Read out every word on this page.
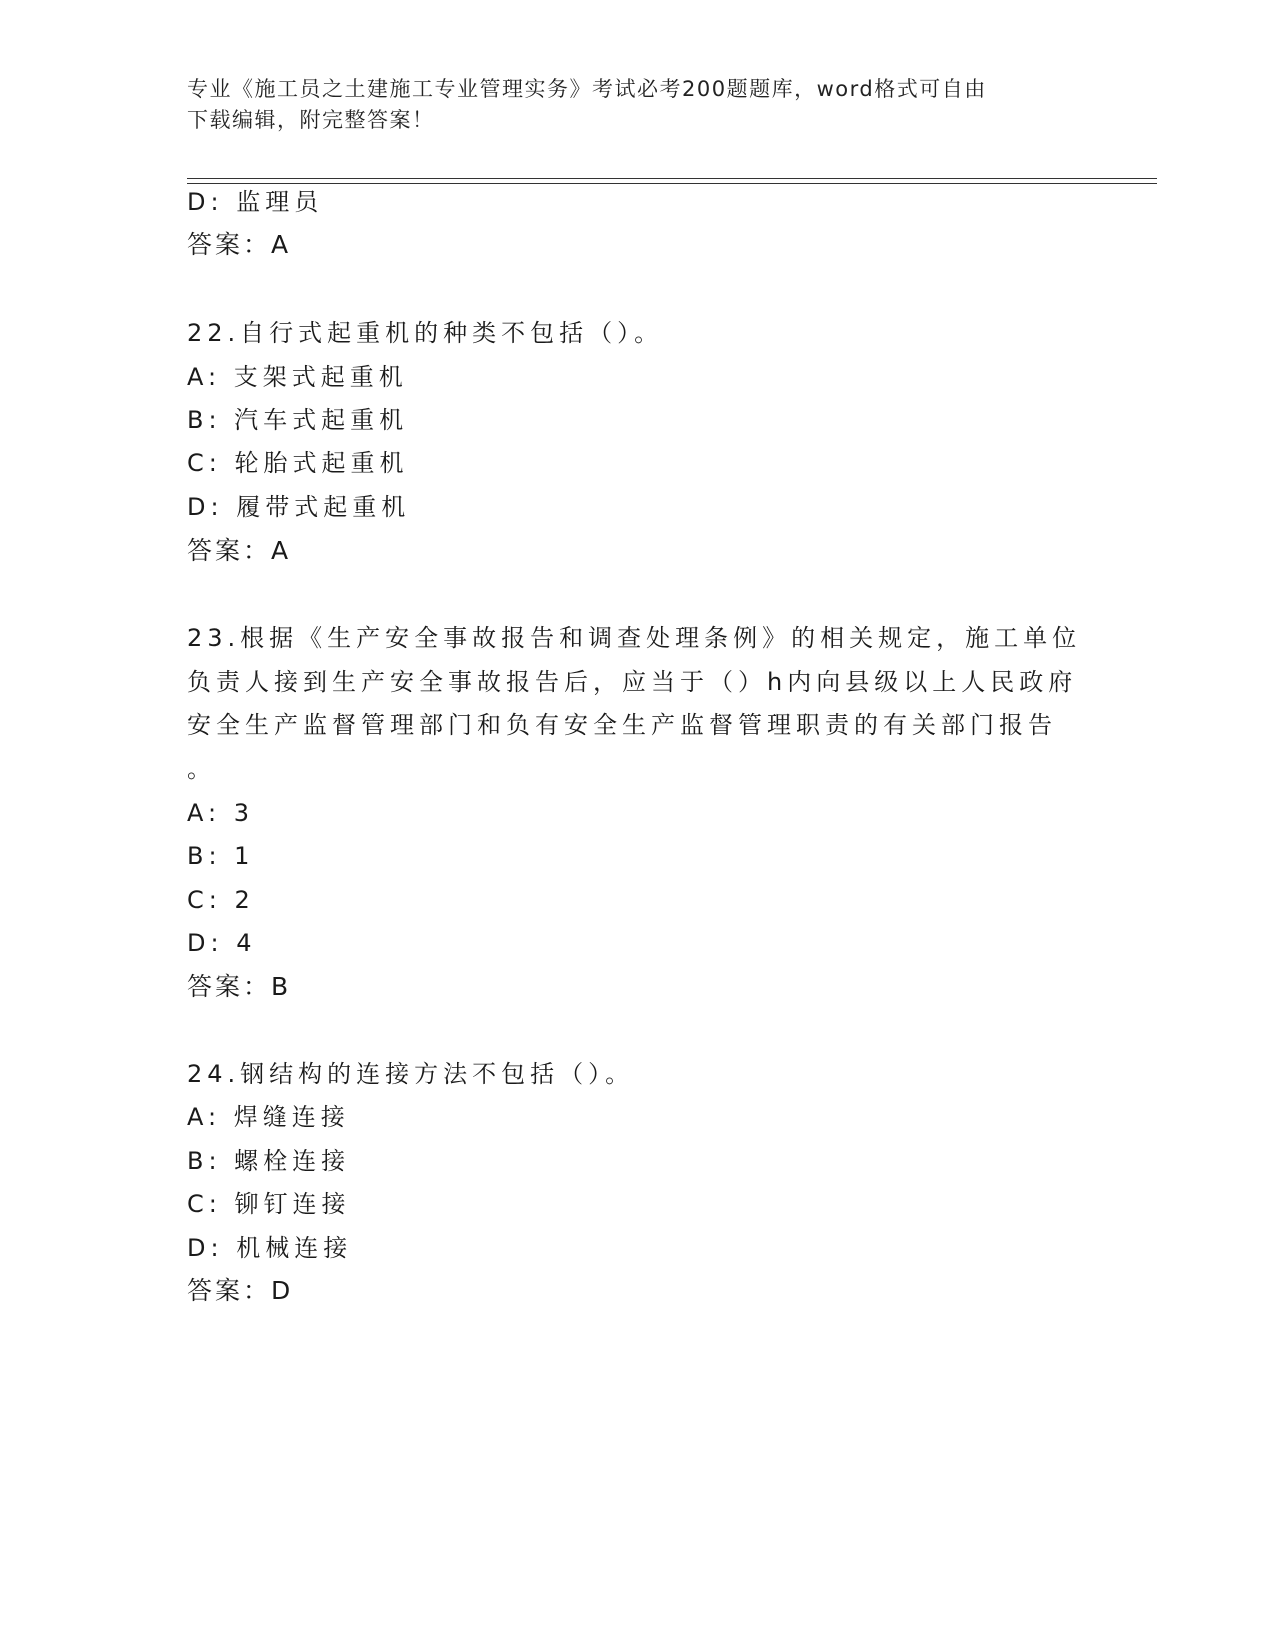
专业《施工员之土建施工专业管理实务》考试必考200题题库，word格式可自由
下载编辑，附完整答案！
D: 监理员
答案：A
22.自行式起重机的种类不包括（）。
A: 支架式起重机
B: 汽车式起重机
C: 轮胎式起重机
D: 履带式起重机
答案：A
23.根据《生产安全事故报告和调查处理条例》的相关规定，施工单位
负责人接到生产安全事故报告后，应当于（）h内向县级以上人民政府
安全生产监督管理部门和负有安全生产监督管理职责的有关部门报告
。
A: 3
B: 1
C: 2
D: 4
答案：B
24.钢结构的连接方法不包括（）。
A: 焊缝连接
B: 螺栓连接
C: 铆钉连接
D: 机械连接
答案：D
